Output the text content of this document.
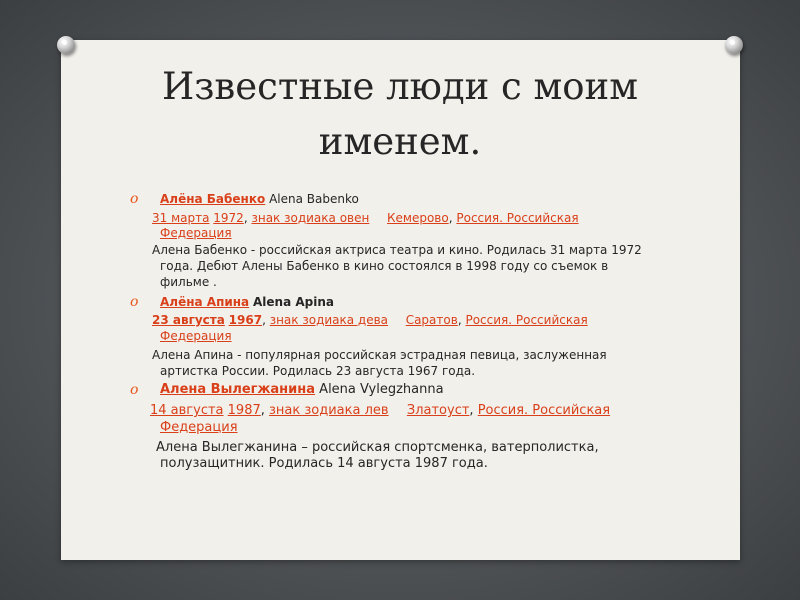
Известные люди с моим
именем.
o Алёна Бабенко Alena Babenko
31 марта 1972, знак зодиака овен Кемерово, Россия. Российская
Федерация
Алена Бабенко - российская актриса театра и кино. Родилась 31 марта 1972
года. Дебют Алены Бабенко в кино состоялся в 1998 году со съемок в
фильме .
o Алёна Апина Alena Apina
23 августа 1967, знак зодиака дева Саратов, Россия. Российская
Федерация
Алена Апина - популярная российская эстрадная певица, заслуженная
артистка России. Родилась 23 августа 1967 года.
o Алена Вылегжанина Alena Vylegzhanna
14 августа 1987, знак зодиака лев Златоуст, Россия. Российская
Федерация
Алена Вылегжанина – российская спортсменка, ватерполистка,
полузащитник. Родилась 14 августа 1987 года.
